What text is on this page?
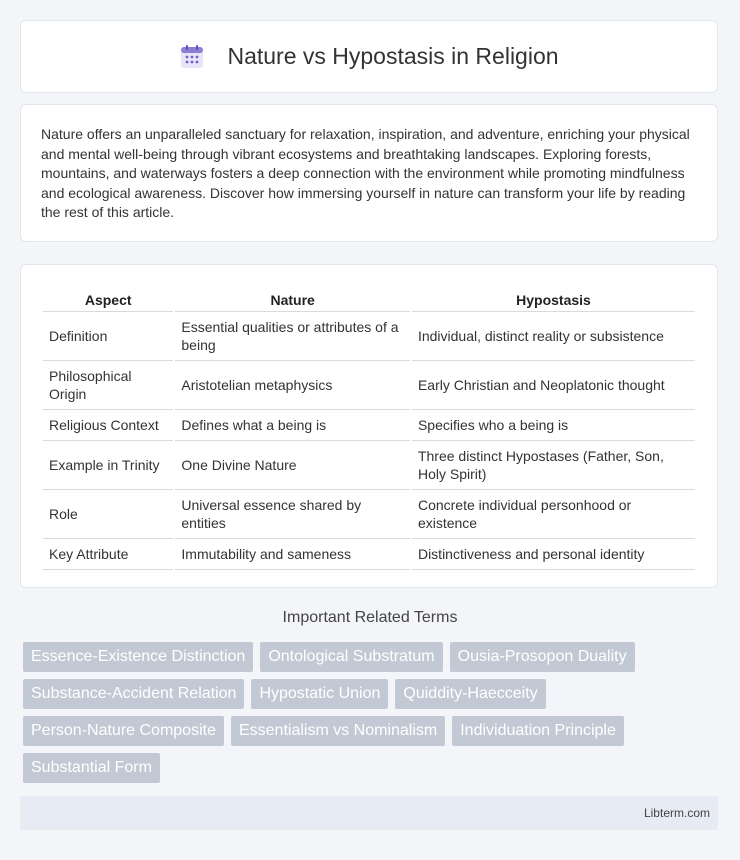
Nature vs Hypostasis in Religion

Nature offers an unparalleled sanctuary for relaxation, inspiration, and adventure, enriching your physical and mental well-being through vibrant ecosystems and breathtaking landscapes. Exploring forests, mountains, and waterways fosters a deep connection with the environment while promoting mindfulness and ecological awareness. Discover how immersing yourself in nature can transform your life by reading the rest of this article.

Aspect	Nature	Hypostasis
Definition	Essential qualities or attributes of a being	Individual, distinct reality or subsistence
Philosophical Origin	Aristotelian metaphysics	Early Christian and Neoplatonic thought
Religious Context	Defines what a being is	Specifies who a being is
Example in Trinity	One Divine Nature	Three distinct Hypostases (Father, Son, Holy Spirit)
Role	Universal essence shared by entities	Concrete individual personhood or existence
Key Attribute	Immutability and sameness	Distinctiveness and personal identity
Important Related Terms
Essence-Existence Distinction	Ontological Substratum	Ousia-Prosopon Duality
Substance-Accident Relation	Hypostatic Union	Quiddity-Haecceity
Person-Nature Composite	Essentialism vs Nominalism	Individuation Principle
Substantial Form
Libterm.com
